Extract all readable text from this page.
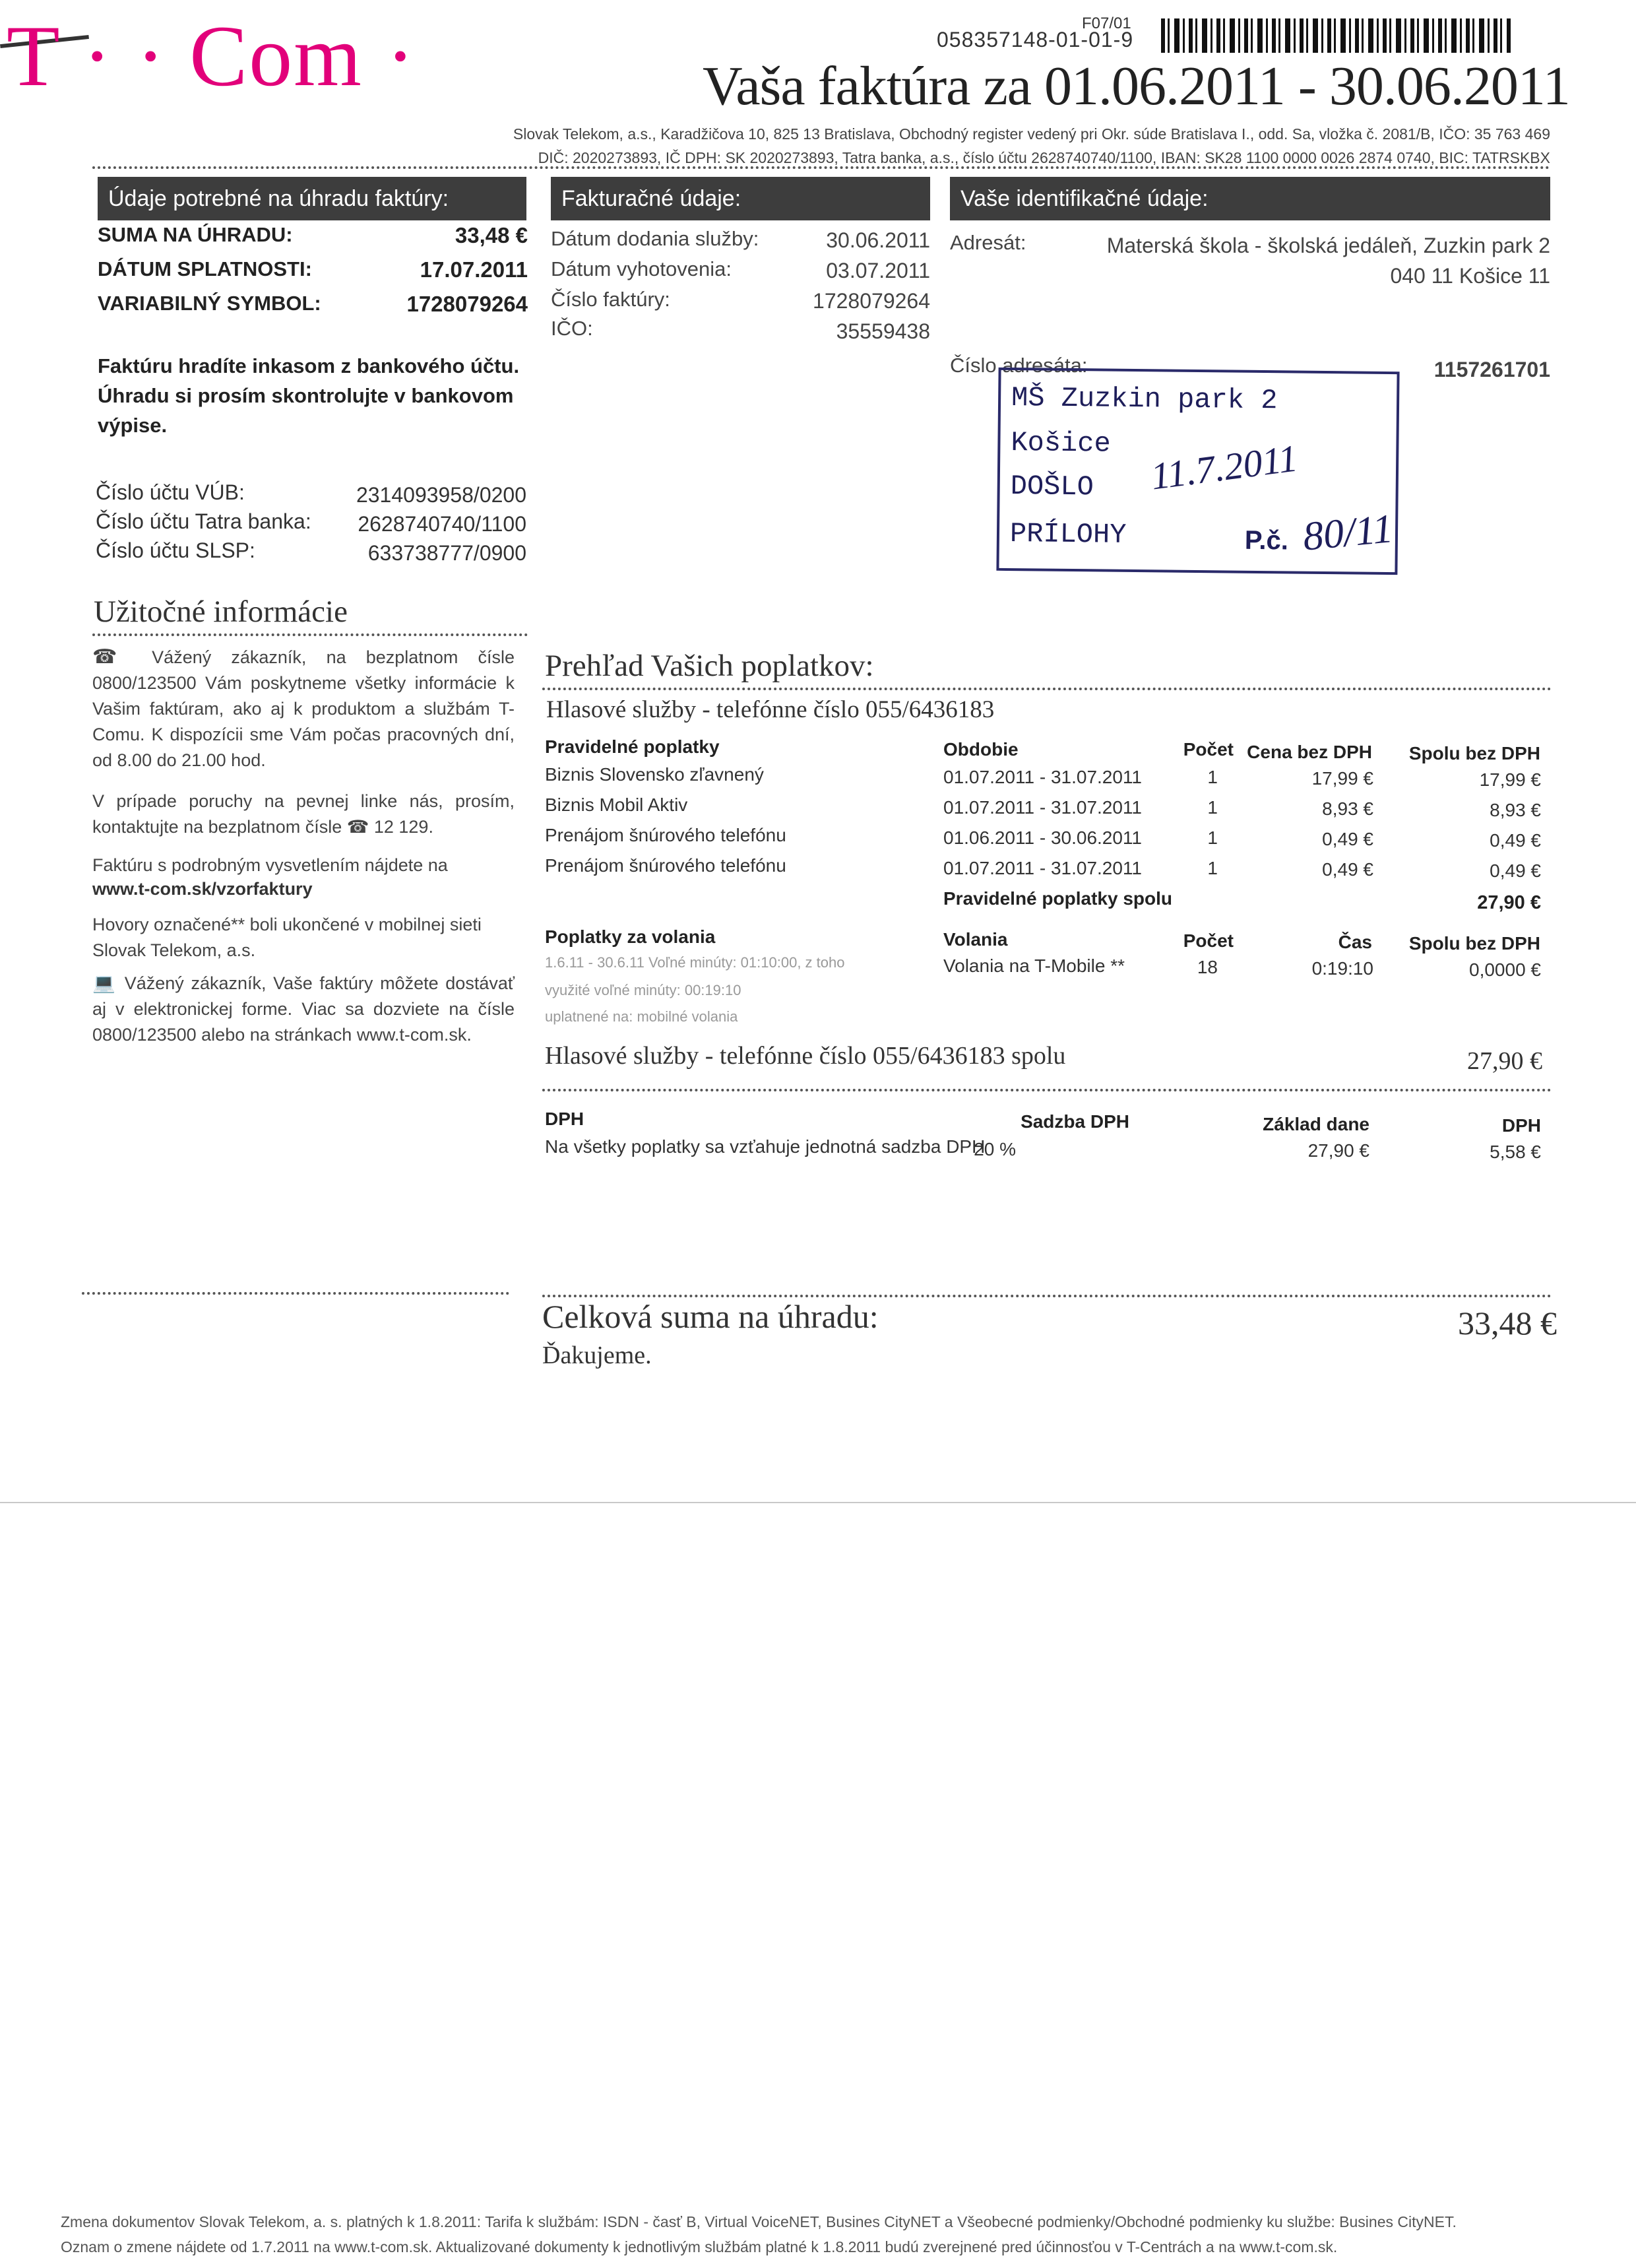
T · · Com ·	F07/01
058357148-01-01-9
Vaša faktúra za 01.06.2011 - 30.06.2011
Slovak Telekom, a.s., Karadžičova 10, 825 13 Bratislava, Obchodný register vedený pri Okr. súde Bratislava I., odd. Sa, vložka č. 2081/B, IČO: 35 763 469
DIČ: 2020273893, IČ DPH: SK 2020273893, Tatra banka, a.s., číslo účtu 2628740740/1100, IBAN: SK28 1100 0000 0026 2874 0740, BIC: TATRSKBX
Údaje potrebné na úhradu faktúry:
SUMA NA ÚHRADU:	33,48 €
DÁTUM SPLATNOSTI:	17.07.2011
VARIABILNÝ SYMBOL:	1728079264
Faktúru hradíte inkasom z bankového účtu. Úhradu si prosím skontrolujte v bankovom výpise.
Číslo účtu VÚB:	2314093958/0200
Číslo účtu Tatra banka:	2628740740/1100
Číslo účtu SLSP:	633738777/0900
Fakturačné údaje:
Dátum dodania služby:	30.06.2011
Dátum vyhotovenia:	03.07.2011
Číslo faktúry:	1728079264
IČO:	35559438
Vaše identifikačné údaje:
Adresát:	Materská škola - školská jedáleň, Zuzkin park 2
040 11 Košice 11
Číslo adresáta:	1157261701
MŠ Zuzkin park 2
Košice
DOŠLO
PRÍLOHY
11.7.2011
P.č. 80/11
Užitočné informácie
☎ Vážený zákazník, na bezplatnom čísle 0800/123500 Vám poskytneme všetky informácie k Vašim faktúram, ako aj k produktom a službám T-Comu. K dispozícii sme Vám počas pracovných dní, od 8.00 do 21.00 hod.
V prípade poruchy na pevnej linke nás, prosím, kontaktujte na bezplatnom čísle ☎ 12 129.
Faktúru s podrobným vysvetlením nájdete na
www.t-com.sk/vzorfaktury
Hovory označené** boli ukončené v mobilnej sieti Slovak Telekom, a.s.
💻 Vážený zákazník, Vaše faktúry môžete dostávať aj v elektronickej forme. Viac sa dozviete na čísle 0800/123500 alebo na stránkach www.t-com.sk.
Prehľad Vašich poplatkov:
Hlasové služby - telefónne číslo 055/6436183
Pravidelné poplatky	Obdobie	Počet Cena bez DPH	Spolu bez DPH
Biznis Slovensko zľavnený	01.07.2011 - 31.07.2011	1	17,99 €	17,99 €
Biznis Mobil Aktiv	01.07.2011 - 31.07.2011	1	8,93 €	8,93 €
Prenájom šnúrového telefónu	01.06.2011 - 30.06.2011	1	0,49 €	0,49 €
Prenájom šnúrového telefónu	01.07.2011 - 31.07.2011	1	0,49 €	0,49 €
Pravidelné poplatky spolu	27,90 €
Poplatky za volania	Volania	Počet	Čas	Spolu bez DPH
1.6.11 - 30.6.11 Voľné minúty: 01:10:00, z toho
využité voľné minúty: 00:19:10
uplatnené na: mobilné volania
Volania na T-Mobile **	18	0:19:10	0,0000 €
Hlasové služby - telefónne číslo 055/6436183 spolu	27,90 €
DPH	Sadzba DPH	Základ dane	DPH
Na všetky poplatky sa vzťahuje jednotná sadzba DPH
20 %	27,90 €	5,58 €
Celková suma na úhradu:	33,48 €
Ďakujeme.
Zmena dokumentov Slovak Telekom, a. s. platných k 1.8.2011: Tarifa k službám: ISDN - časť B, Virtual VoiceNET, Busines CityNET a Všeobecné podmienky/Obchodné podmienky ku službe: Busines CityNET.
Oznam o zmene nájdete od 1.7.2011 na www.t-com.sk. Aktualizované dokumenty k jednotlivým službám platné k 1.8.2011 budú zverejnené pred účinnosťou v T-Centrách a na www.t-com.sk.
